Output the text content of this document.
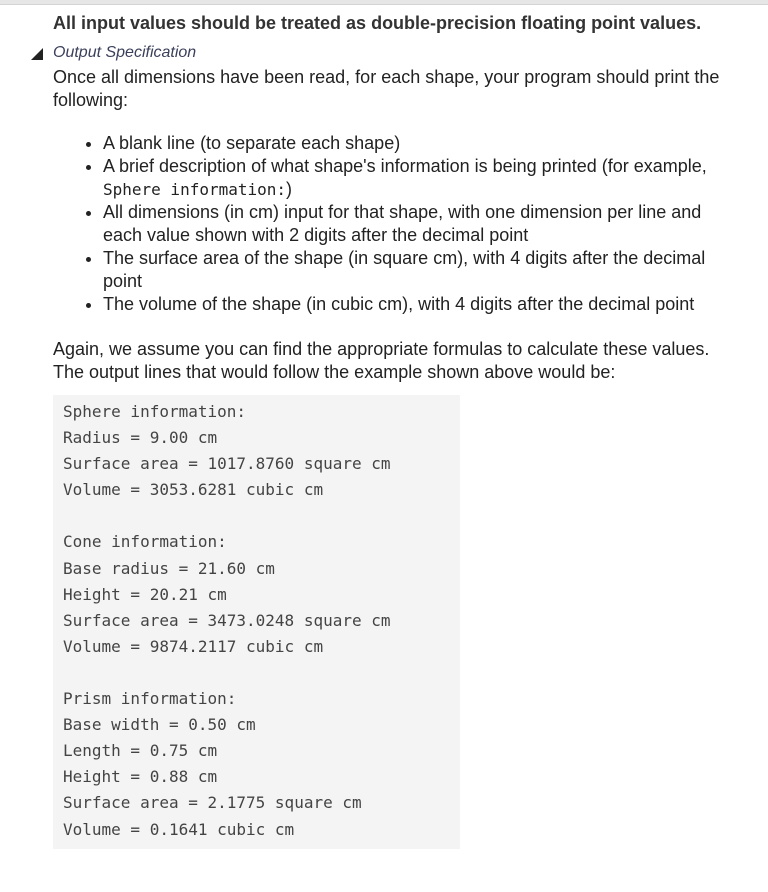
All input values should be treated as double-precision floating point values.

Output Specification

Once all dimensions have been read, for each shape, your program should print the following:

• A blank line (to separate each shape)
• A brief description of what shape's information is being printed (for example, Sphere information:)
• All dimensions (in cm) input for that shape, with one dimension per line and each value shown with 2 digits after the decimal point
• The surface area of the shape (in square cm), with 4 digits after the decimal point
• The volume of the shape (in cubic cm), with 4 digits after the decimal point

Again, we assume you can find the appropriate formulas to calculate these values. The output lines that would follow the example shown above would be:

Sphere information:
Radius = 9.00 cm
Surface area = 1017.8760 square cm
Volume = 3053.6281 cubic cm
Cone information:
Base radius = 21.60 cm
Height = 20.21 cm
Surface area = 3473.0248 square cm
Volume = 9874.2117 cubic cm
Prism information:
Base width = 0.50 cm
Length = 0.75 cm
Height = 0.88 cm
Surface area = 2.1775 square cm
Volume = 0.1641 cubic cm
